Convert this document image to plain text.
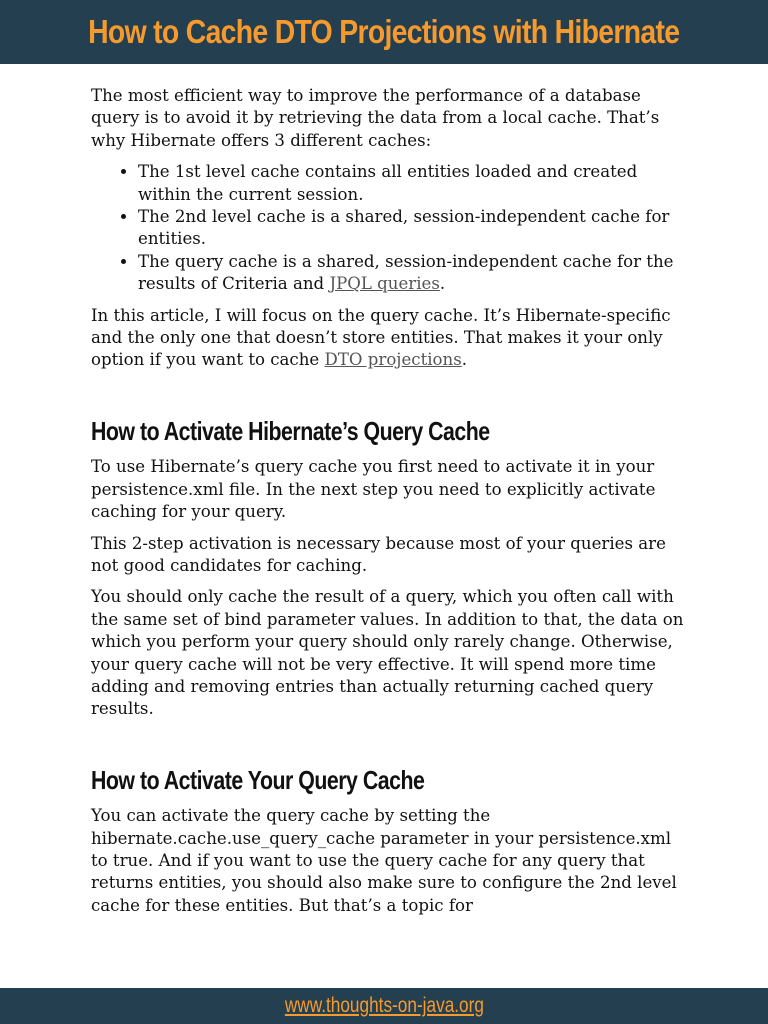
How to Cache DTO Projections with Hibernate

The most efficient way to improve the performance of a database query is to avoid it by retrieving the data from a local cache. That’s why Hibernate offers 3 different caches:

• The 1st level cache contains all entities loaded and created within the current session.
• The 2nd level cache is a shared, session-independent cache for entities.
• The query cache is a shared, session-independent cache for the results of Criteria and JPQL queries.

In this article, I will focus on the query cache. It’s Hibernate-specific and the only one that doesn’t store entities. That makes it your only option if you want to cache DTO projections.

How to Activate Hibernate’s Query Cache

To use Hibernate’s query cache you first need to activate it in your persistence.xml file. In the next step you need to explicitly activate caching for your query.

This 2-step activation is necessary because most of your queries are not good candidates for caching.

You should only cache the result of a query, which you often call with the same set of bind parameter values. In addition to that, the data on which you perform your query should only rarely change. Otherwise, your query cache will not be very effective. It will spend more time adding and removing entries than actually returning cached query results.

How to Activate Your Query Cache

You can activate the query cache by setting the hibernate.cache.use_query_cache parameter in your persistence.xml to true. And if you want to use the query cache for any query that returns entities, you should also make sure to configure the 2nd level cache for these entities. But that’s a topic for

www.thoughts-on-java.org
